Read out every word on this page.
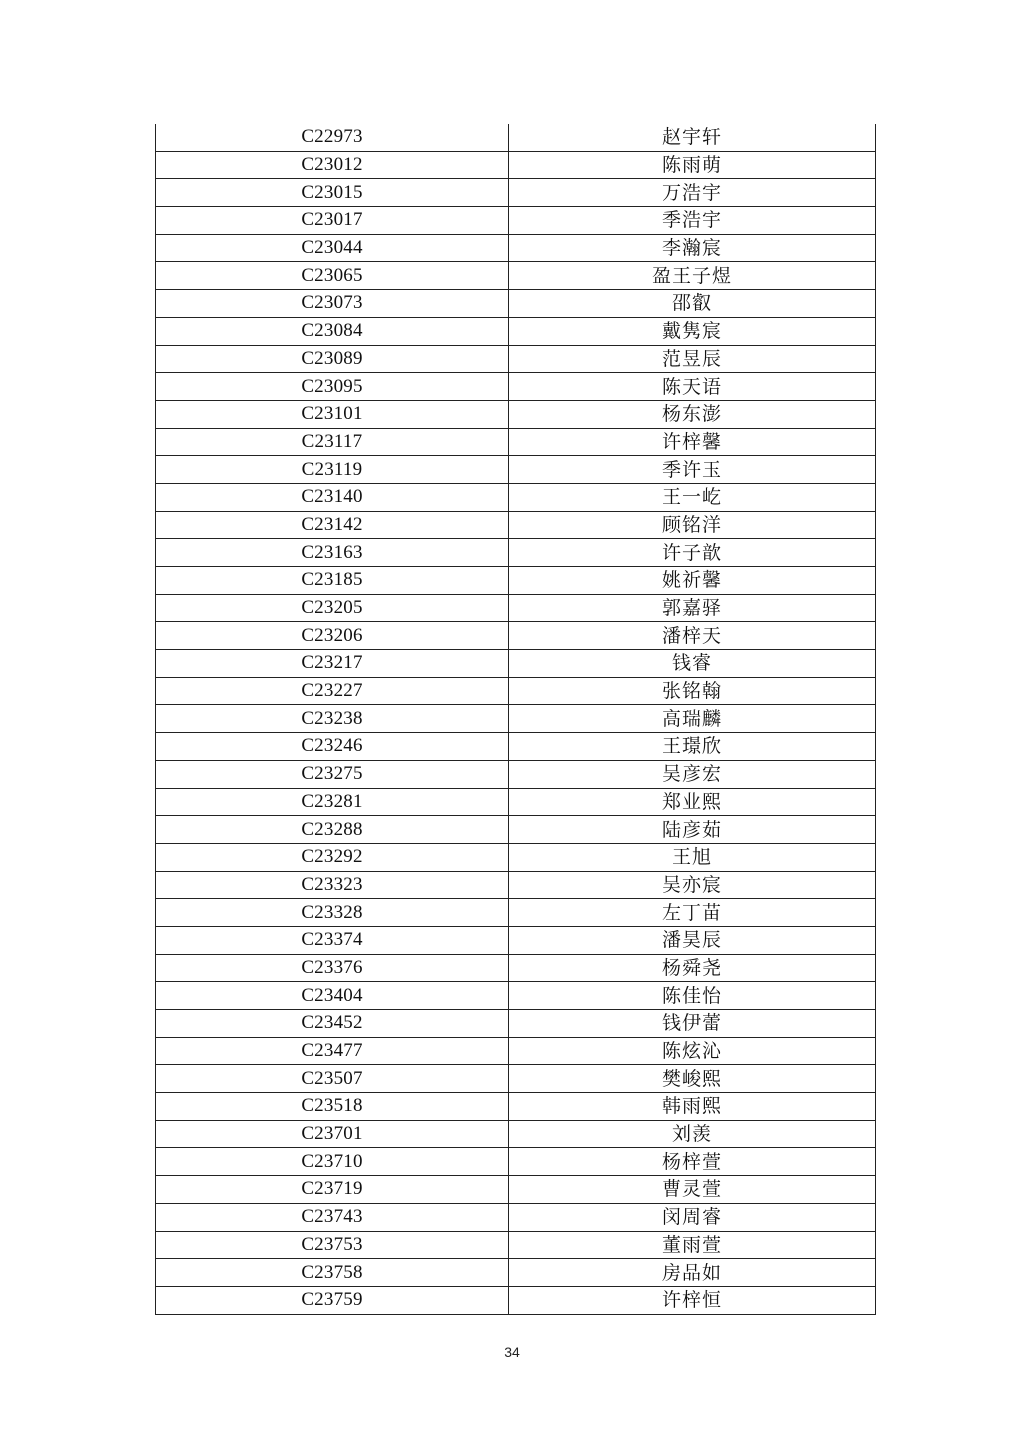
C22973	赵宇轩
C23012	陈雨萌
C23015	万浩宇
C23017	季浩宇
C23044	李瀚宸
C23065	盈王子煜
C23073	邵叡
C23084	戴隽宸
C23089	范昱辰
C23095	陈天语
C23101	杨东澎
C23117	许梓馨
C23119	季许玉
C23140	王一屹
C23142	顾铭洋
C23163	许子歆
C23185	姚祈馨
C23205	郭嘉驿
C23206	潘梓天
C23217	钱睿
C23227	张铭翰
C23238	高瑞麟
C23246	王璟欣
C23275	吴彦宏
C23281	郑业熙
C23288	陆彦茹
C23292	王旭
C23323	吴亦宸
C23328	左丁苗
C23374	潘昊辰
C23376	杨舜尧
C23404	陈佳怡
C23452	钱伊蕾
C23477	陈炫沁
C23507	樊峻熙
C23518	韩雨熙
C23701	刘羡
C23710	杨梓萱
C23719	曹灵萱
C23743	闵周睿
C23753	董雨萱
C23758	房品如
C23759	许梓恒
34
